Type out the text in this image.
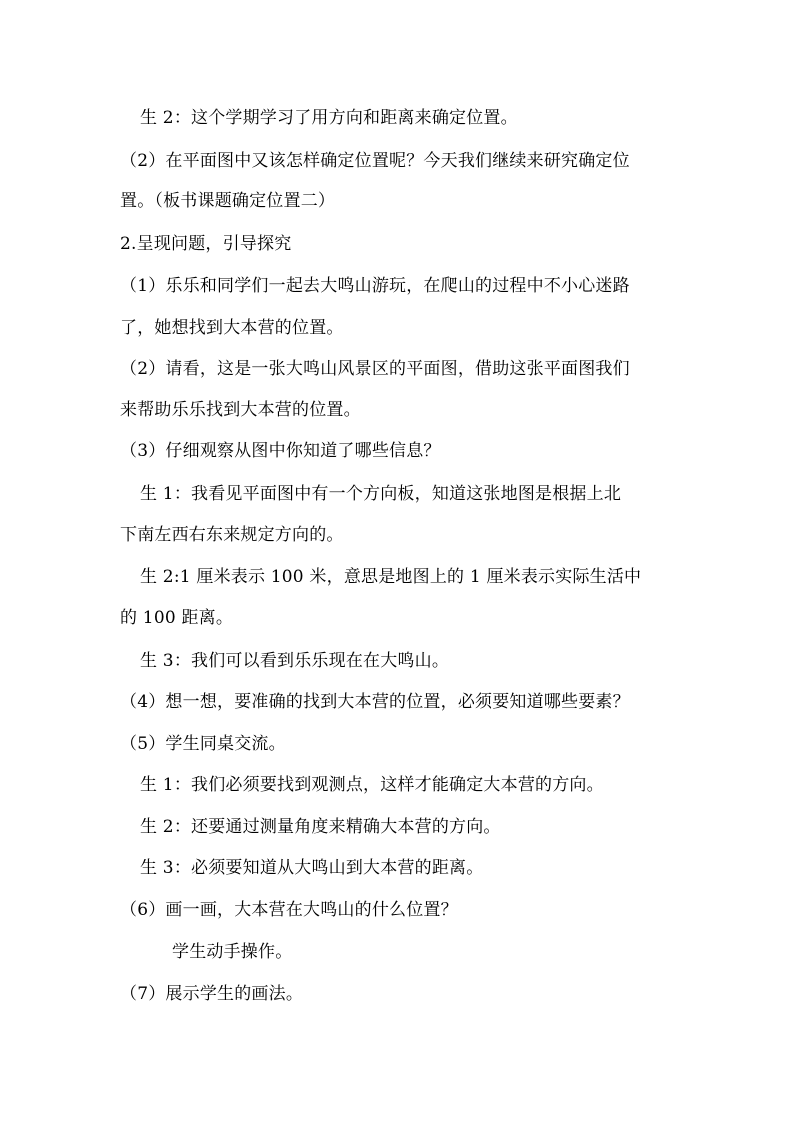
生 2：这个学期学习了用方向和距离来确定位置。
（2）在平面图中又该怎样确定位置呢？今天我们继续来研究确定位
置。（板书课题确定位置二）
2.呈现问题，引导探究
（1）乐乐和同学们一起去大鸣山游玩，在爬山的过程中不小心迷路
了，她想找到大本营的位置。
（2）请看，这是一张大鸣山风景区的平面图，借助这张平面图我们
来帮助乐乐找到大本营的位置。
（3）仔细观察从图中你知道了哪些信息？
生 1：我看见平面图中有一个方向板，知道这张地图是根据上北
下南左西右东来规定方向的。
生 2:1 厘米表示 100 米，意思是地图上的 1 厘米表示实际生活中
的 100 距离。
生 3：我们可以看到乐乐现在在大鸣山。
（4）想一想，要准确的找到大本营的位置，必须要知道哪些要素？
（5）学生同桌交流。
生 1：我们必须要找到观测点，这样才能确定大本营的方向。
生 2：还要通过测量角度来精确大本营的方向。
生 3：必须要知道从大鸣山到大本营的距离。
（6）画一画，大本营在大鸣山的什么位置？
学生动手操作。
（7）展示学生的画法。
